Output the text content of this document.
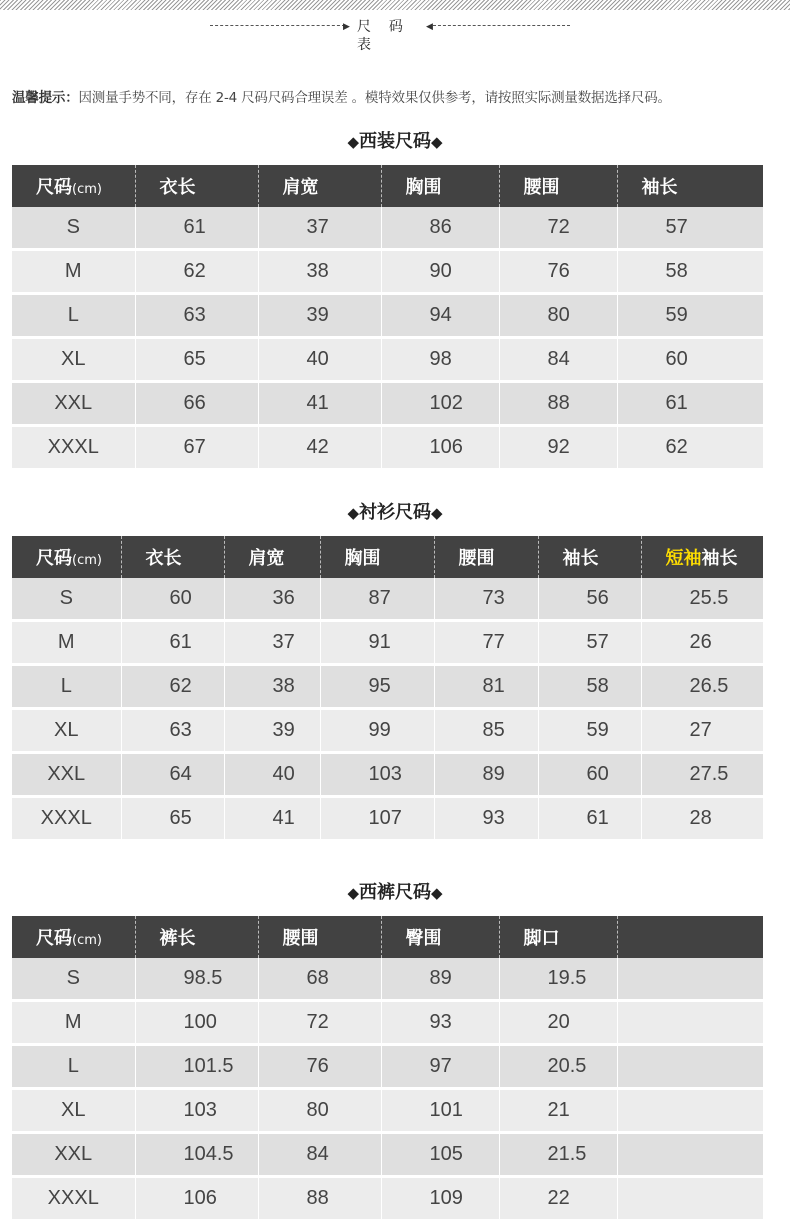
▶ 尺 码 表
◀
温馨提示：因测量手势不同，存在 2-4 尺码尺码合理误差 。模特效果仅供参考，请按照实际测量数据选择尺码。
◆西装尺码◆
尺码(cm)	衣长	肩宽	胸围	腰围	袖长
S	61	37	86	72	57
M	62	38	90	76	58
L	63	39	94	80	59
XL	65	40	98	84	60
XXL	66	41	102	88	61
XXXL	67	42	106	92	62
◆衬衫尺码◆
尺码(cm)	衣长	肩宽	胸围	腰围	袖长	短袖袖长
S	60	36	87	73	56	25.5
M	61	37	91	77	57	26
L	62	38	95	81	58	26.5
XL	63	39	99	85	59	27
XXL	64	40	103	89	60	27.5
XXXL	65	41	107	93	61	28
◆西裤尺码◆
尺码(cm)	裤长	腰围	臀围	脚口	
S	98.5	68	89	19.5	
M	100	72	93	20	
L	101.5	76	97	20.5	
XL	103	80	101	21	
XXL	104.5	84	105	21.5	
XXXL	106	88	109	22	
